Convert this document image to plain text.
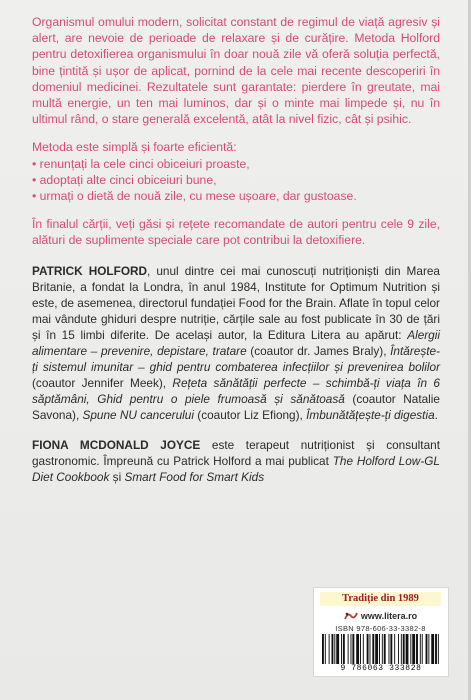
Organismul omului modern, solicitat constant de regimul de viață agresiv și alert, are nevoie de perioade de relaxare și de curățire. Metoda Holford pentru detoxifierea organismului în doar nouă zile vă oferă soluția perfectă, bine țintită și ușor de aplicat, pornind de la cele mai recente descoperiri în domeniul medicinei. Rezultatele sunt garantate: pierdere în greutate, mai multă energie, un ten mai luminos, dar și o minte mai limpede și, nu în ultimul rând, o stare generală excelentă, atât la nivel fizic, cât și psihic.

Metoda este simplă și foarte eficientă:
• renunțați la cele cinci obiceiuri proaste,
• adoptați alte cinci obiceiuri bune,
• urmați o dietă de nouă zile, cu mese ușoare, dar gustoase.

În finalul cărții, veți găsi și rețete recomandate de autori pentru cele 9 zile, alături de suplimente speciale care pot contribui la detoxifiere.

PATRICK HOLFORD, unul dintre cei mai cunoscuți nutriționiști din Marea Britanie, a fondat la Londra, în anul 1984, Institute for Optimum Nutrition și este, de asemenea, directorul fundației Food for the Brain. Aflate în topul celor mai vândute ghiduri despre nutriție, cărțile sale au fost publicate în 30 de țări și în 15 limbi diferite. De același autor, la Editura Litera au apărut: Alergii alimentare – prevenire, depistare, tratare (coautor dr. James Braly), Întărește-ți sistemul imunitar – ghid pentru combaterea infecțiilor și prevenirea bolilor (coautor Jennifer Meek), Rețeta sănătății perfecte – schimbă-ți viața în 6 săptămâni, Ghid pentru o piele frumoasă și sănătoasă (coautor Natalie Savona), Spune NU cancerului (coautor Liz Efiong), Îmbunătățește-ți digestia.

FIONA MCDONALD JOYCE este terapeut nutriționist și consultant gastronomic. Împreună cu Patrick Holford a mai publicat The Holford Low-GL Diet Cookbook și Smart Food for Smart Kids

Tradiție din 1989
www.litera.ro
ISBN 978-606-33-3382-8
9 786063 333828
